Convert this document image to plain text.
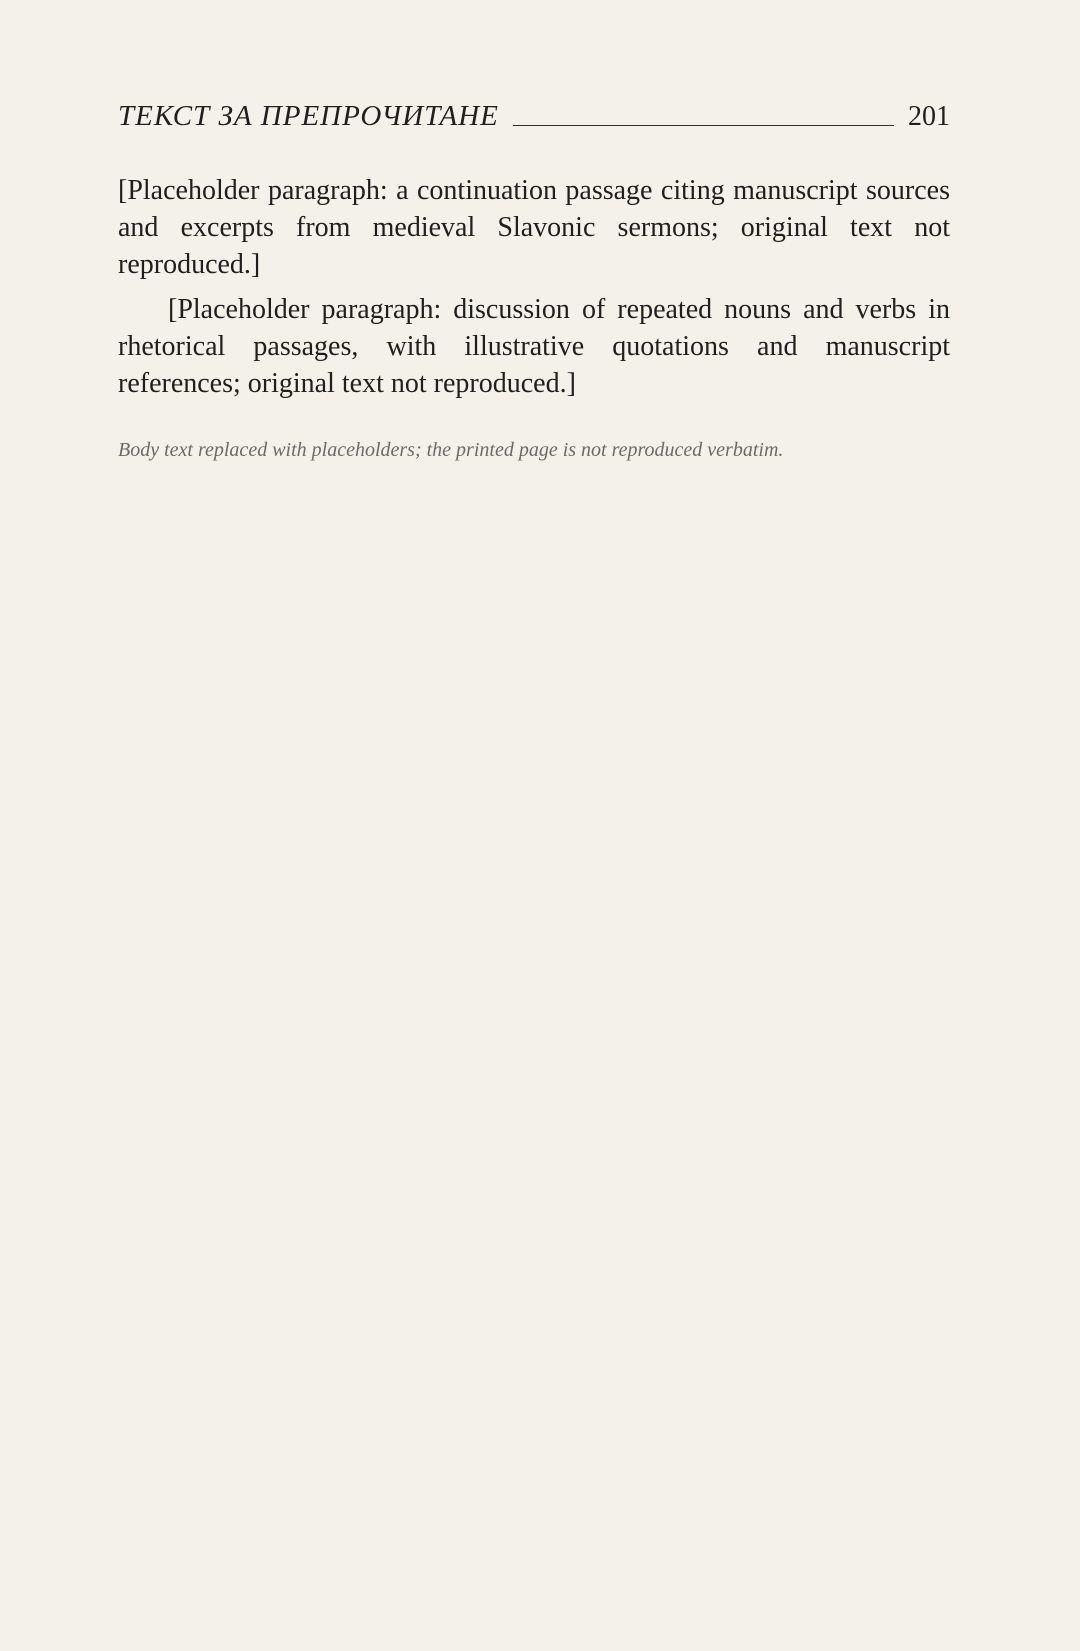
ТЕКСТ ЗА ПРЕПРОЧИТАНЕ	201

[Placeholder paragraph: a continuation passage citing manuscript sources and excerpts from medieval Slavonic sermons; original text not reproduced.]

[Placeholder paragraph: discussion of repeated nouns and verbs in rhetorical passages, with illustrative quotations and manuscript references; original text not reproduced.]

Body text replaced with placeholders; the printed page is not reproduced verbatim.
